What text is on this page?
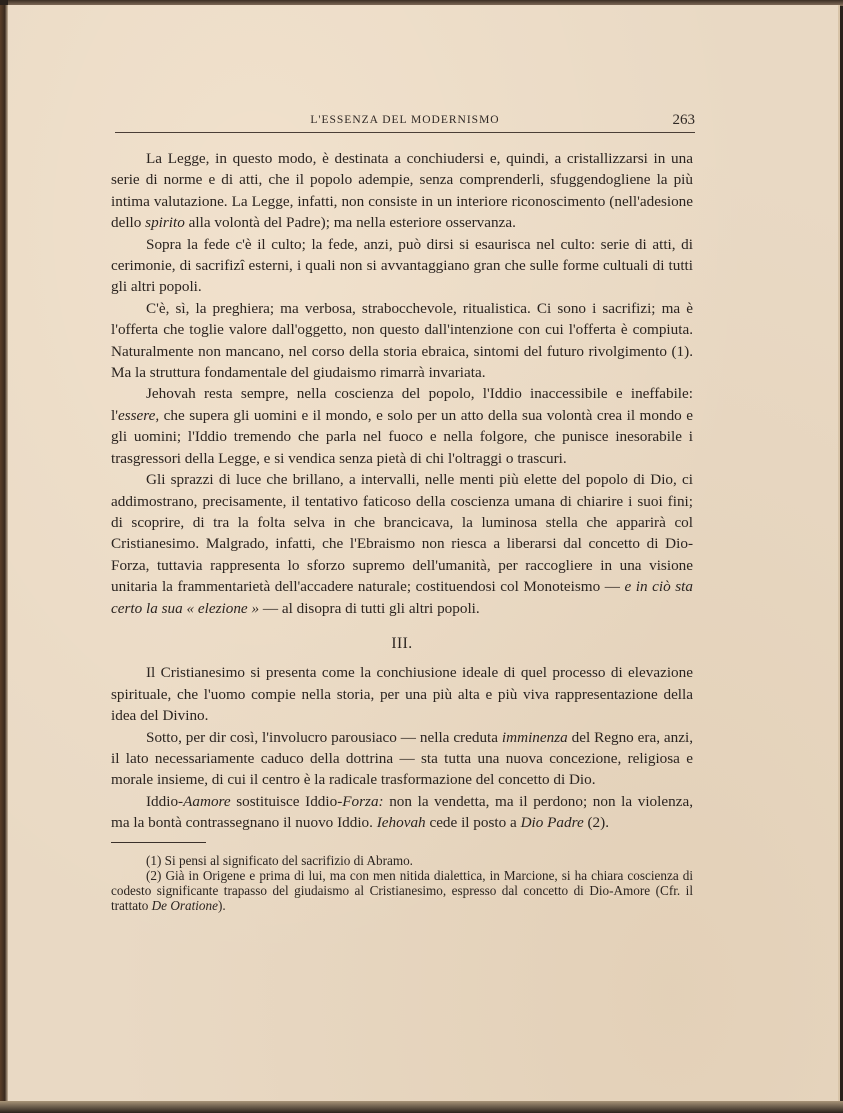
L'ESSENZA DEL MODERNISMO	263

La Legge, in questo modo, è destinata a conchiudersi e, quindi, a cristallizzarsi in una serie di norme e di atti, che il popolo adempie, senza comprenderli, sfuggendogliene la più intima valutazione. La Legge, infatti, non consiste in un interiore riconoscimento (nell'adesione dello spirito alla volontà del Padre); ma nella esteriore osservanza.

Sopra la fede c'è il culto; la fede, anzi, può dirsi si esaurisca nel culto: serie di atti, di cerimonie, di sacrifizî esterni, i quali non si avvantaggiano gran che sulle forme cultuali di tutti gli altri popoli.

C'è, sì, la preghiera; ma verbosa, strabocchevole, ritualistica. Ci sono i sacrifizi; ma è l'offerta che toglie valore dall'oggetto, non questo dall'intenzione con cui l'offerta è compiuta. Naturalmente non mancano, nel corso della storia ebraica, sintomi del futuro rivolgimento (1). Ma la struttura fondamentale del giudaismo rimarrà invariata.

Jehovah resta sempre, nella coscienza del popolo, l'Iddio inaccessibile e ineffabile: l'essere, che supera gli uomini e il mondo, e solo per un atto della sua volontà crea il mondo e gli uomini; l'Iddio tremendo che parla nel fuoco e nella folgore, che punisce inesorabile i trasgressori della Legge, e si vendica senza pietà di chi l'oltraggi o trascuri.

Gli sprazzi di luce che brillano, a intervalli, nelle menti più elette del popolo di Dio, ci addimostrano, precisamente, il tentativo faticoso della coscienza umana di chiarire i suoi fini; di scoprire, di tra la folta selva in che brancicava, la luminosa stella che apparirà col Cristianesimo. Malgrado, infatti, che l'Ebraismo non riesca a liberarsi dal concetto di Dio-Forza, tuttavia rappresenta lo sforzo supremo dell'umanità, per raccogliere in una visione unitaria la frammentarietà dell'accadere naturale; costituendosi col Monoteismo — e in ciò sta certo la sua « elezione » — al disopra di tutti gli altri popoli.

III.

Il Cristianesimo si presenta come la conchiusione ideale di quel processo di elevazione spirituale, che l'uomo compie nella storia, per una più alta e più viva rappresentazione della idea del Divino.

Sotto, per dir così, l'involucro parousiaco — nella creduta imminenza del Regno era, anzi, il lato necessariamente caduco della dottrina — sta tutta una nuova concezione, religiosa e morale insieme, di cui il centro è la radicale trasformazione del concetto di Dio.

Iddio-Aamore sostituisce Iddio-Forza: non la vendetta, ma il perdono; non la violenza, ma la bontà contrassegnano il nuovo Iddio. Iehovah cede il posto a Dio Padre (2).

(1) Si pensi al significato del sacrifizio di Abramo.

(2) Già in Origene e prima di lui, ma con men nitida dialettica, in Marcione, si ha chiara coscienza di codesto significante trapasso del giudaismo al Cristianesimo, espresso dal concetto di Dio-Amore (Cfr. il trattato De Oratione).
